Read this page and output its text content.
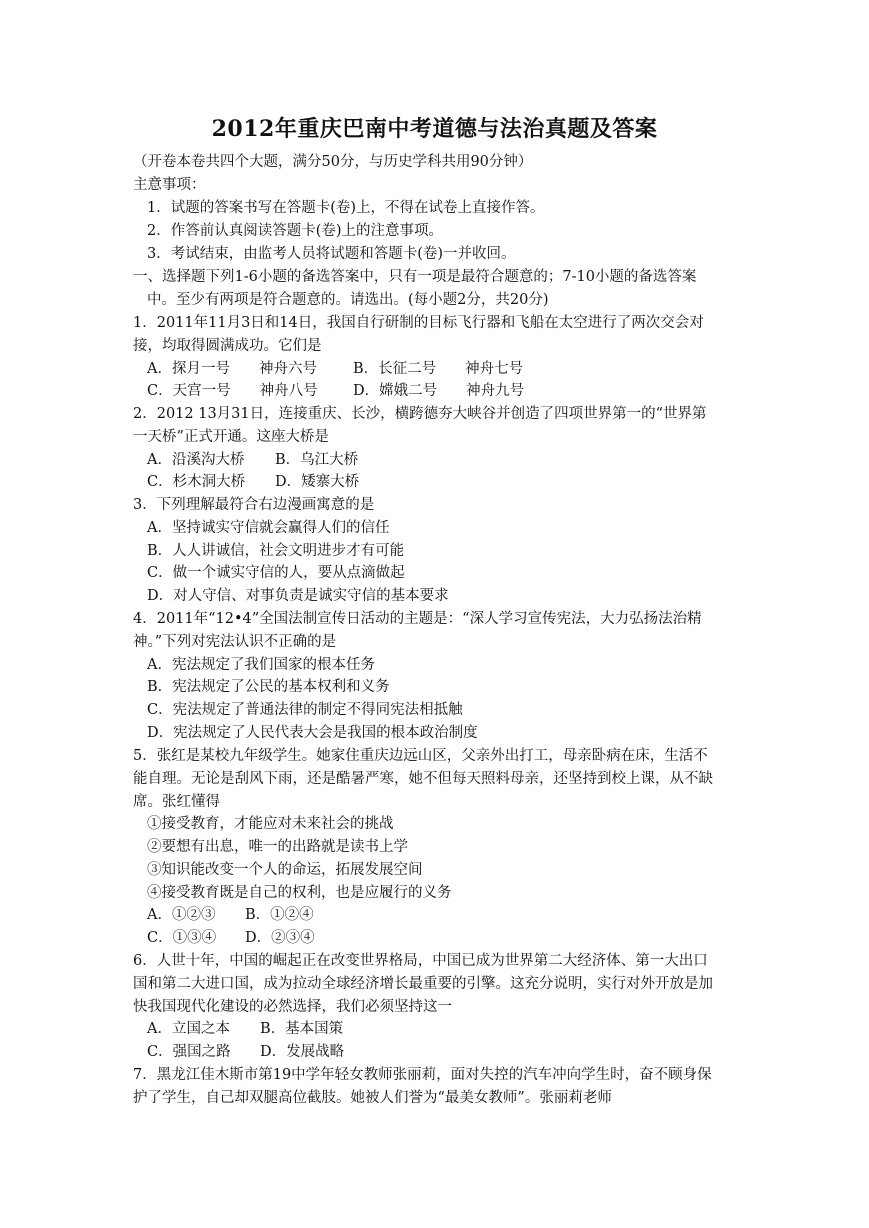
2012年重庆巴南中考道德与法治真题及答案
（开卷本卷共四个大题，满分50分，与历史学科共用90分钟）
主意事项：
1．试题的答案书写在答题卡(卷)上，不得在试卷上直接作答。
2．作答前认真阅读答题卡(卷)上的注意事项。
3．考试结束，由监考人员将试题和答题卡(卷)一并收回。
一、选择题下列1-6小题的备选答案中，只有一项是最符合题意的；7-10小题的备选答案
中。至少有两项是符合题意的。请选出。(每小题2分，共20分)
1．2011年11月3日和14日，我国自行研制的目标飞行器和飞船在太空进行了两次交会对
接，均取得圆满成功。它们是
A．探月一号　　神舟六号 B．长征二号　　神舟七号
C．天宫一号　　神舟八号 D．嫦娥二号　　神舟九号
2．2012 13月31日，连接重庆、长沙，横跨德夯大峡谷并创造了四项世界第一的“世界第
一天桥”正式开通。这座大桥是
A．沿溪沟大桥 B．乌江大桥
C．杉木洞大桥 D．矮寨大桥
3．下列理解最符合右边漫画寓意的是
A．坚持诚实守信就会赢得人们的信任
B．人人讲诚信，社会文明进步才有可能
C．做一个诚实守信的人，要从点滴做起
D．对人守信、对事负责是诚实守信的基本要求
4．2011年“12•4”全国法制宣传日活动的主题是：“深人学习宣传宪法，大力弘扬法治精
神。”下列对宪法认识不正确的是
A．宪法规定了我们国家的根本任务
B．宪法规定了公民的基本权利和义务
C．宪法规定了普通法律的制定不得同宪法相抵触
D．宪法规定了人民代表大会是我国的根本政治制度
5．张红是某校九年级学生。她家住重庆边远山区，父亲外出打工，母亲卧病在床，生活不
能自理。无论是刮风下雨，还是酷暑严寒，她不但每天照料母亲，还坚持到校上课，从不缺
席。张红懂得
①接受教育，才能应对未来社会的挑战
②要想有出息，唯一的出路就是读书上学
③知识能改变一个人的命运，拓展发展空间
④接受教育既是自己的权利，也是应履行的义务
A．①②③ B．①②④
C．①③④ D．②③④
6．人世十年，中国的崛起正在改变世界格局，中国已成为世界第二大经济体、第一大出口
国和第二大进口国，成为拉动全球经济增长最重要的引擎。这充分说明，实行对外开放是加
快我国现代化建设的必然选择，我们必须坚持这一
A．立国之本 B．基本国策
C．强国之路 D．发展战略
7．黑龙江佳木斯市第19中学年轻女教师张丽莉，面对失控的汽车冲向学生时，奋不顾身保
护了学生，自己却双腿高位截肢。她被人们誉为“最美女教师”。张丽莉老师
